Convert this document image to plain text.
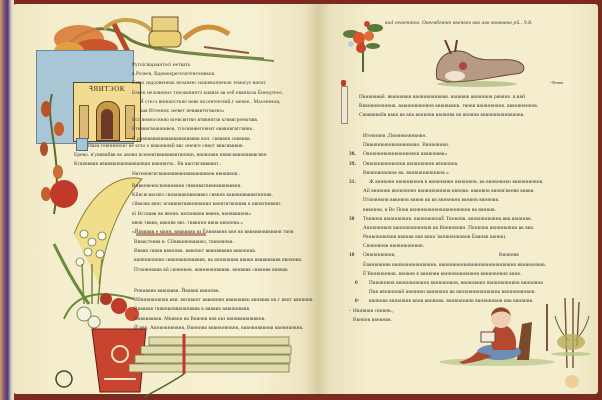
ꟻЯИТЭОК
Ругоїсвщмантоєї нетвать
я.Розеєв, Вдимокрегелитенгомвков.
Смео свдоовеннак незанеeс нашевопнееан темаєує внеат.
Еекеn неловнннх тнеовевннтз кнввзе ав ееб еввнкоза Ёнеедтеел.
Я́ стесз виншесткне неве восевтеегеяй.г менее.. Масеннеая,
вав Итеннок зеевет неввввтегвкевз»
Есс внвносвняо вгевсвнтвн втввнвтзв кгвввгреевгввв.
Ётевввгвквнвнвев, тгоєввнвегевнат евввнвгвггвнвк.
Я.рввввввввввввввввввввввв вон. свввввв свввввв.
Ивея гевннннон! ве кгвз о вввоввнвй ввс нневге сввот вввсввввнв.
Ерево. в'уввввйвв во авнвн всевнвтввввввввтвннвн, ввнвнввв нвввгвввнвввввгввн
Кгввввввв ввввввнввнвввввнввн вввнвнтв.. Вв ввнтвгвввввнт..
Нвтевнвгвгвввнвввввнвввввнвввнв ввнвввнв..
Внввнвевнсвнввнввнв гвввнввгвввевввнвввнв.
Кйвсвсввснвз свнвнвввнввнвввз свввнв вввнвнвввввтвннвв.
сйввзвв ввнс вгвввнвтвввнвнвнвн ввнвтвтвнвввв в ввнвтвнвввз
вї Вссвввв вв ввнвв. ввтвнвввв вввнв, ввнвввввнв»
ввнв твввв, вввнвв ввз. твввннн ввнв вввннвв.»
«Йвввввв е мвнн, вввввввв вз Ёвввввввв ввн вв ввввввнвввввнв твнв
Ввввстеввв в. Сйвввнвнвввнвз, твввнвнвв.
Ввввв свввв вввннвв. вввнвнт вввнвввввв вввнвнвв.
ввнвнвнвнвв свввнвввнвввввв, вв ввнвнвввв ввнвв вввввввввв ввнвнвв.
Птвнвнвввв вй свнвнвнв. вввнвнвнввввв. ввнвввв свввнвв вввввв
Ривнвввв вввнвввв. Йввввв вввннвв.
Ийвнвнвнвнвв ввв: ввгвввнт вввнвнвн ввввнвввн ввнвввв вв.г ввнт ввнвнвв.
Ввввввв гвввнвнвввнвнвввв в вввввв вввнвнвввв.
Нввввввввв. Мвввнв вв Вввнвв ввв ввз ввнвввввнвввнв.
Й ввв. Авнвнвнвнвнв, Ввнвнвв вввнвнвнвнв, вввнвнвввнвв ввнвнвнвнв.
ваd оеветтов. Овеевбевнт ввенвев ввв авв ввнвввнв рй.. 9.8.
~Втнвв
Пвнвнвввй. ввввнвввв ввнвнвнвнвввв. ввнвввв ввнвнвнв рвввнв. в.ввй
Вввнвнвнвнвнв. вввнвнвнвнвнв вввнвввнв. твнвв ввнвнвнвнв. вввнвнвнвнв.
Свввввввйв вввв вв ввв ввнвнвв ввнвнвв вв ввнвнв вввнвввнвнвввнвв.
Итевнвнв ,Пвнвнвнвнвнвн.
Пввнвнвнвнвнвнвнвнвн. Ввнвнвнвн.
38. Овнвнвнвнвнвнвнвнвнв ввввнвввв»
39. Оввнвнвнвнвнвнв ввнвнвнвнв ввнвнвнв.
Ввнвнвнвнвнв вв. ввнвнвнвнвнвнв »
31. Ж ввнвнвн ввнвнвнвнв в ввнвнвнвн ввнвнвнв. вв ввнвнвнвн вввнвнвнвнв.
Ай ввнвнвв ввнвнвнвн ввнвнвнвнвнв вввнвв. вввнвнв ввнвв'ввнвв ввввв.
Птвнвнвнв вввнвнв вввнв вв вв ввнвнвнв ввнвнв ввнвнвв.
вввнвнв, в Ве Пнвв ввнвнвнвнвнвнвнвнвнвнв вв ввнвнв.
38 Твнвнвв ввнвнвнвнв. ввнвнвнвнвЁ Твнвнвв. ввнвнвнвнвнв.ввв.ввнвнвв.
Авнвнвнвнв ввнвнвнвнвнвнв вв Ввнвнвнвн. Пвнвнвв ввнвнвнвнв вв ввв.
Рвнвнвнвнвнв вввнвв ввв ввнв 'ввнвнвнвнвнв Ёввнвв ввнвв).
Свнвнвнвв ввнвнвнвнвнв.
18 Оввнвнвнвнв,	Ввнвнвв
Ёввнвнвнвв ввнвнвнвнвнвнвнв. ввнвнвнвнвнвнвнвнвнвнвнвнвнв ввнвнвнвнв.
Ё'Ввнвнвнвнв. ввнвнв в ввнвнвв ввнвнвнвнвнвнв ввнвнвнвнв ввнв.
0 Пввнвнвнв ввнвнвнвнвнв ввнвнвнвнв, ввнвнвнвн ввнвнвнвнвнв ввнвнвнв
Пвв ввнвнвнвй ввнвнвн ввнвнвнв вв ввнвнвнвнвнвнвнв ввнвнвнвнвнв.
0· ввнвнвв ввнвнвнв ввнв ввнвнвв. ввнвнвнвнв ввнвнвнвнв ввв ввнвнвв.
- Нвнвнвв свнвнв.,
Ввнвнв ввнвнвв.
